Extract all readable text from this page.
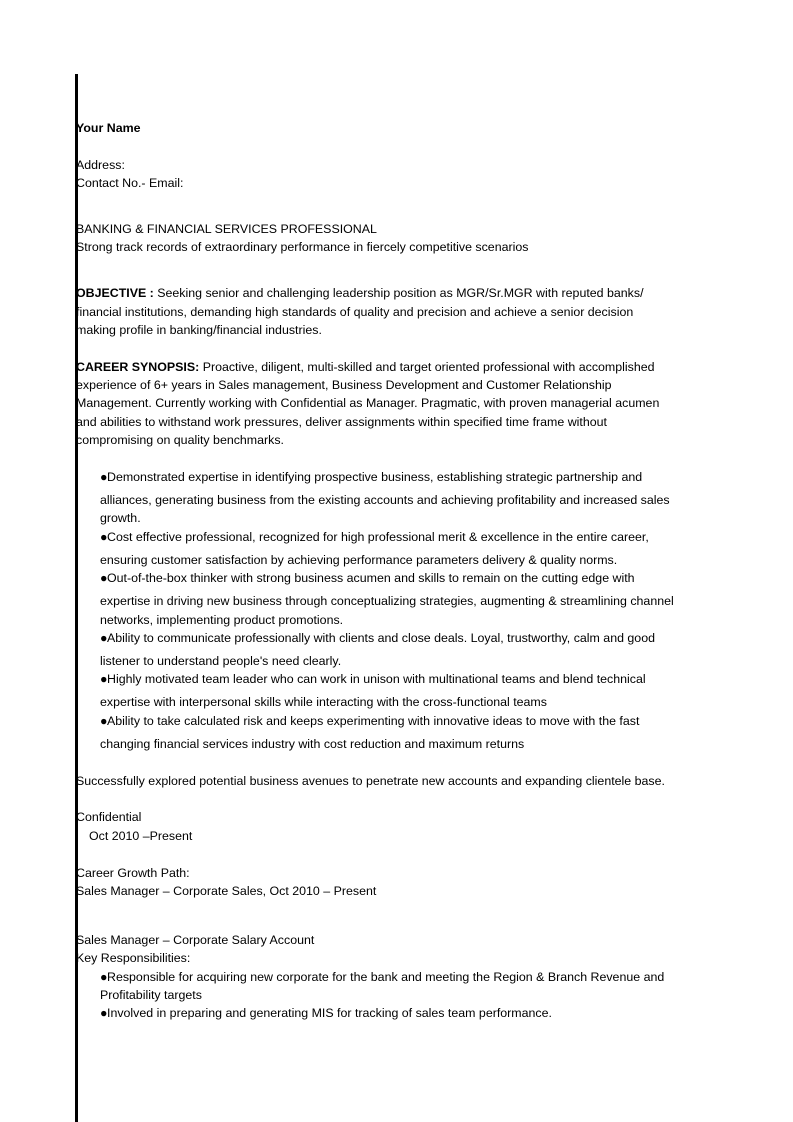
Your Name
Address:
Contact No.- Email:
BANKING & FINANCIAL SERVICES PROFESSIONAL
Strong track records of extraordinary performance in fiercely competitive scenarios
OBJECTIVE : Seeking senior and challenging leadership position as MGR/Sr.MGR with reputed banks/
financial institutions, demanding high standards of quality and precision and achieve a senior decision
making profile in banking/financial industries.
CAREER SYNOPSIS: Proactive, diligent, multi-skilled and target oriented professional with accomplished
experience of 6+ years in Sales management, Business Development and Customer Relationship
Management. Currently working with Confidential as Manager. Pragmatic, with proven managerial acumen
and abilities to withstand work pressures, deliver assignments within specified time frame without
compromising on quality benchmarks.
●Demonstrated expertise in identifying prospective business, establishing strategic partnership and
alliances, generating business from the existing accounts and achieving profitability and increased sales
growth.
●Cost effective professional, recognized for high professional merit & excellence in the entire career,
ensuring customer satisfaction by achieving performance parameters delivery & quality norms.
●Out-of-the-box thinker with strong business acumen and skills to remain on the cutting edge with
expertise in driving new business through conceptualizing strategies, augmenting & streamlining channel
networks, implementing product promotions.
●Ability to communicate professionally with clients and close deals. Loyal, trustworthy, calm and good
listener to understand people's need clearly.
●Highly motivated team leader who can work in unison with multinational teams and blend technical
expertise with interpersonal skills while interacting with the cross-functional teams
●Ability to take calculated risk and keeps experimenting with innovative ideas to move with the fast
changing financial services industry with cost reduction and maximum returns
Successfully explored potential business avenues to penetrate new accounts and expanding clientele base.
Confidential
Oct 2010 –Present
Career Growth Path:
Sales Manager – Corporate Sales, Oct 2010 – Present
Sales Manager – Corporate Salary Account
Key Responsibilities:
●Responsible for acquiring new corporate for the bank and meeting the Region & Branch Revenue and
Profitability targets
●Involved in preparing and generating MIS for tracking of sales team performance.
